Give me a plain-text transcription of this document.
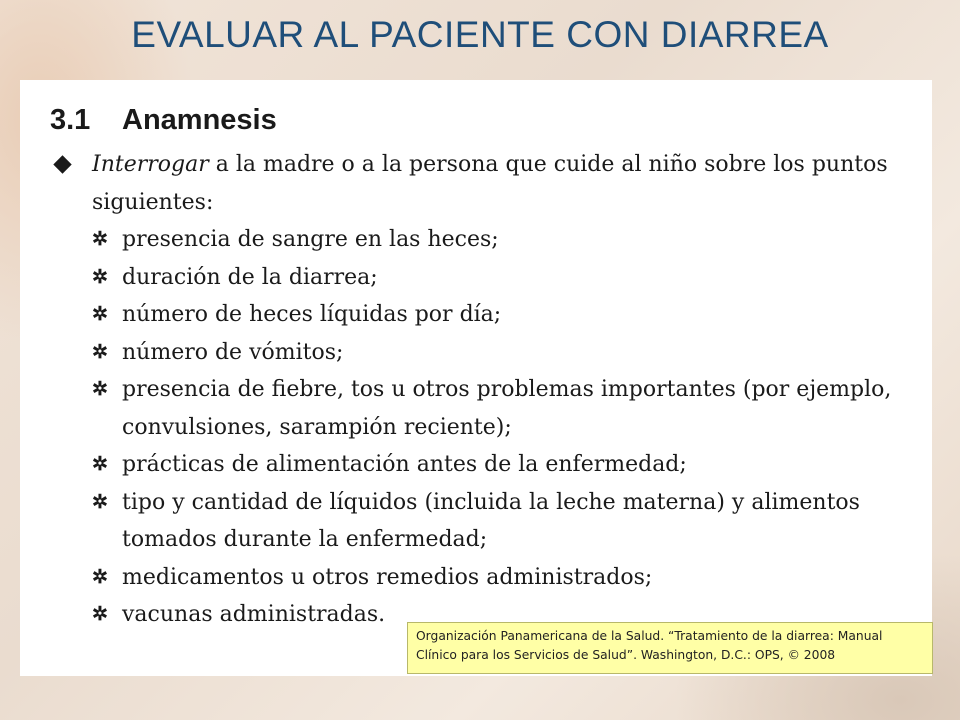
EVALUAR AL PACIENTE CON DIARREA
3.1 Anamnesis
Interrogar a la madre o a la persona que cuide al niño sobre los puntos
siguientes:
✲ presencia de sangre en las heces;
✲ duración de la diarrea;
✲ número de heces líquidas por día;
✲ número de vómitos;
✲ presencia de fiebre, tos u otros problemas importantes (por ejemplo,
convulsiones, sarampión reciente);
✲ prácticas de alimentación antes de la enfermedad;
✲ tipo y cantidad de líquidos (incluida la leche materna) y alimentos
tomados durante la enfermedad;
✲ medicamentos u otros remedios administrados;
✲ vacunas administradas.
Organización Panamericana de la Salud. “Tratamiento de la diarrea: Manual
Clínico para los Servicios de Salud”. Washington, D.C.: OPS, © 2008
